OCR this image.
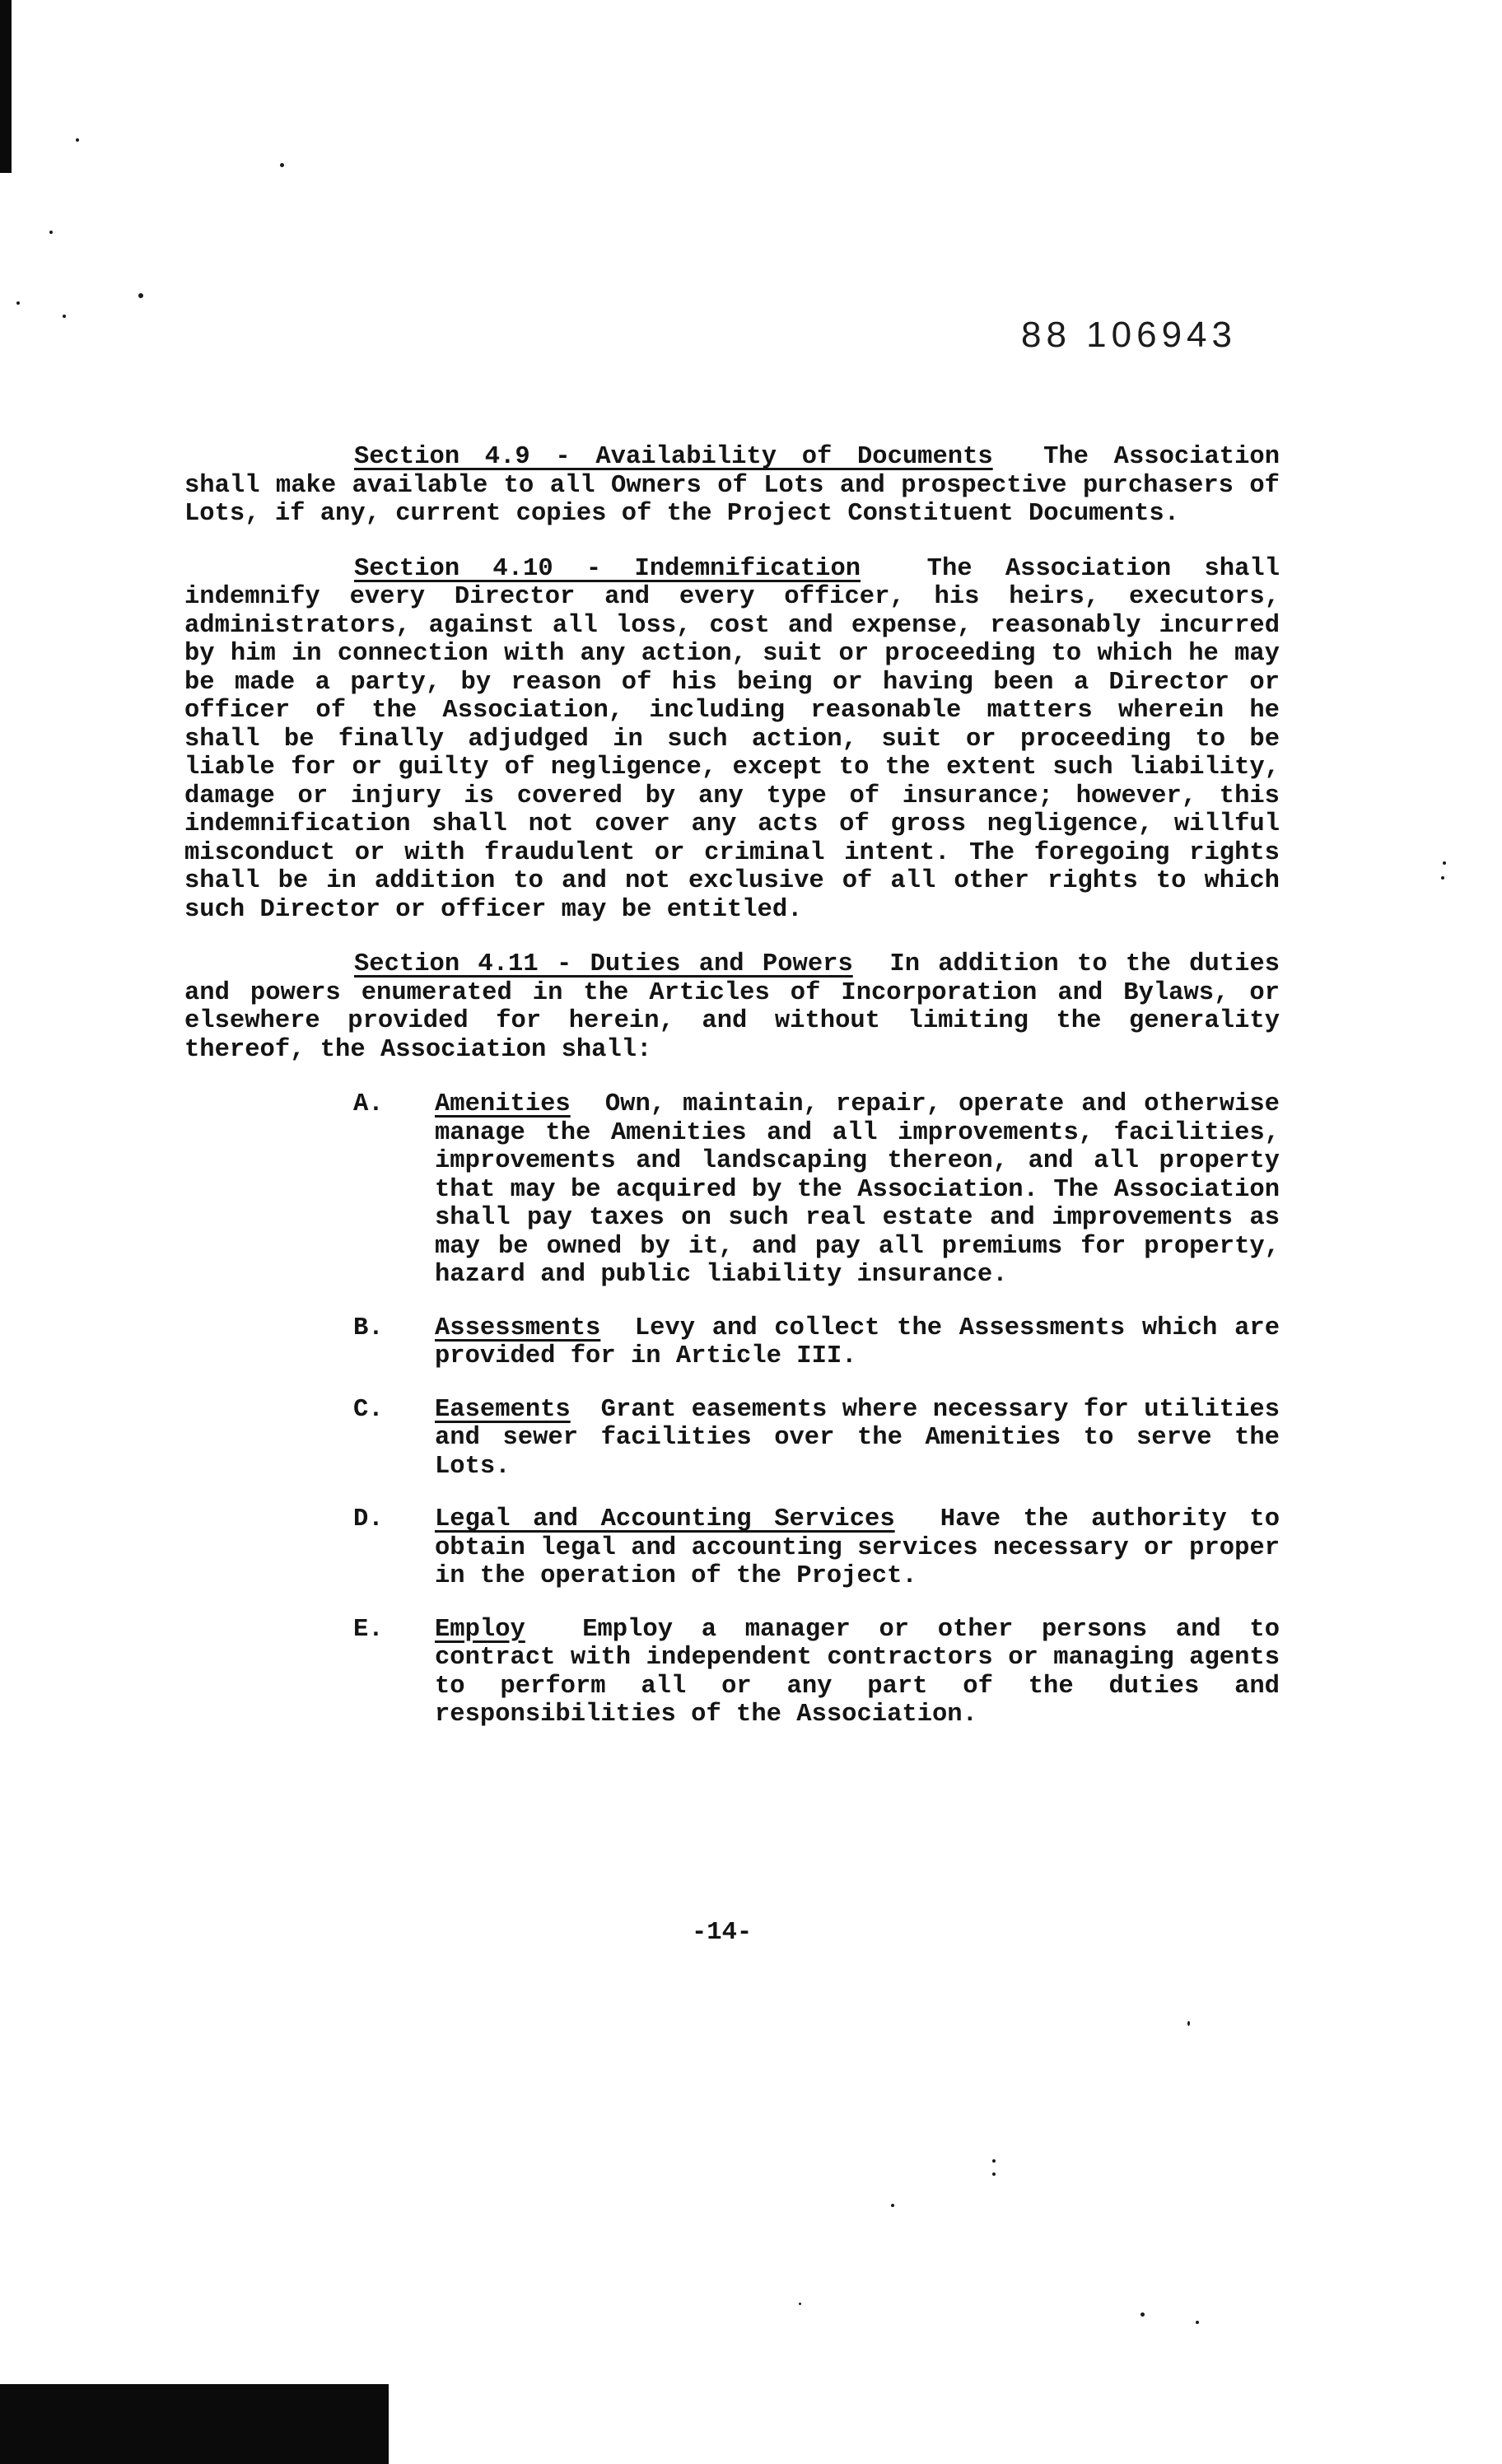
88 106943

Section 4.9 - Availability of Documents The Association shall make available to all Owners of Lots and prospective purchasers of Lots, if any, current copies of the Project Constituent Documents.

Section 4.10 - Indemnification	The Association shall indemnify every Director and every officer, his heirs, executors, administrators, against all loss, cost and expense, reasonably incurred by him in connection with any action, suit or proceeding to which he may be made a party, by reason of his being or having been a Director or officer of the Association, including reasonable matters wherein he shall be finally adjudged in such action, suit or proceeding to be liable for or guilty of negligence, except to the extent such liability, damage or injury is covered by any type of insurance; however, this indemnification shall not cover any acts of gross negligence, willful misconduct or with fraudulent or criminal intent. The foregoing rights shall be in addition to and not exclusive of all other rights to which such Director or officer may be entitled.

Section 4.11 - Duties and Powers In addition to the duties and powers enumerated in the Articles of Incorporation and Bylaws, or elsewhere provided for herein, and without limiting the generality thereof, the Association shall:

A.	Amenities Own, maintain, repair, operate and otherwise manage the Amenities and all improvements, facilities, improvements and landscaping thereon, and all property that may be acquired by the Association. The Association shall pay taxes on such real estate and improvements as may be owned by it, and pay all premiums for property, hazard and public liability insurance.
B.	Assessments Levy and collect the Assessments which are provided for in Article III.
C.	Easements Grant easements where necessary for utilities and sewer facilities over the Amenities to serve the Lots.
D.	Legal and Accounting Services Have the authority to obtain legal and accounting services necessary or proper in the operation of the Project.
E.	Employ Employ a manager or other persons and to contract with independent contractors or managing agents to perform all or any part of the duties and responsibilities of the Association.
-14-
